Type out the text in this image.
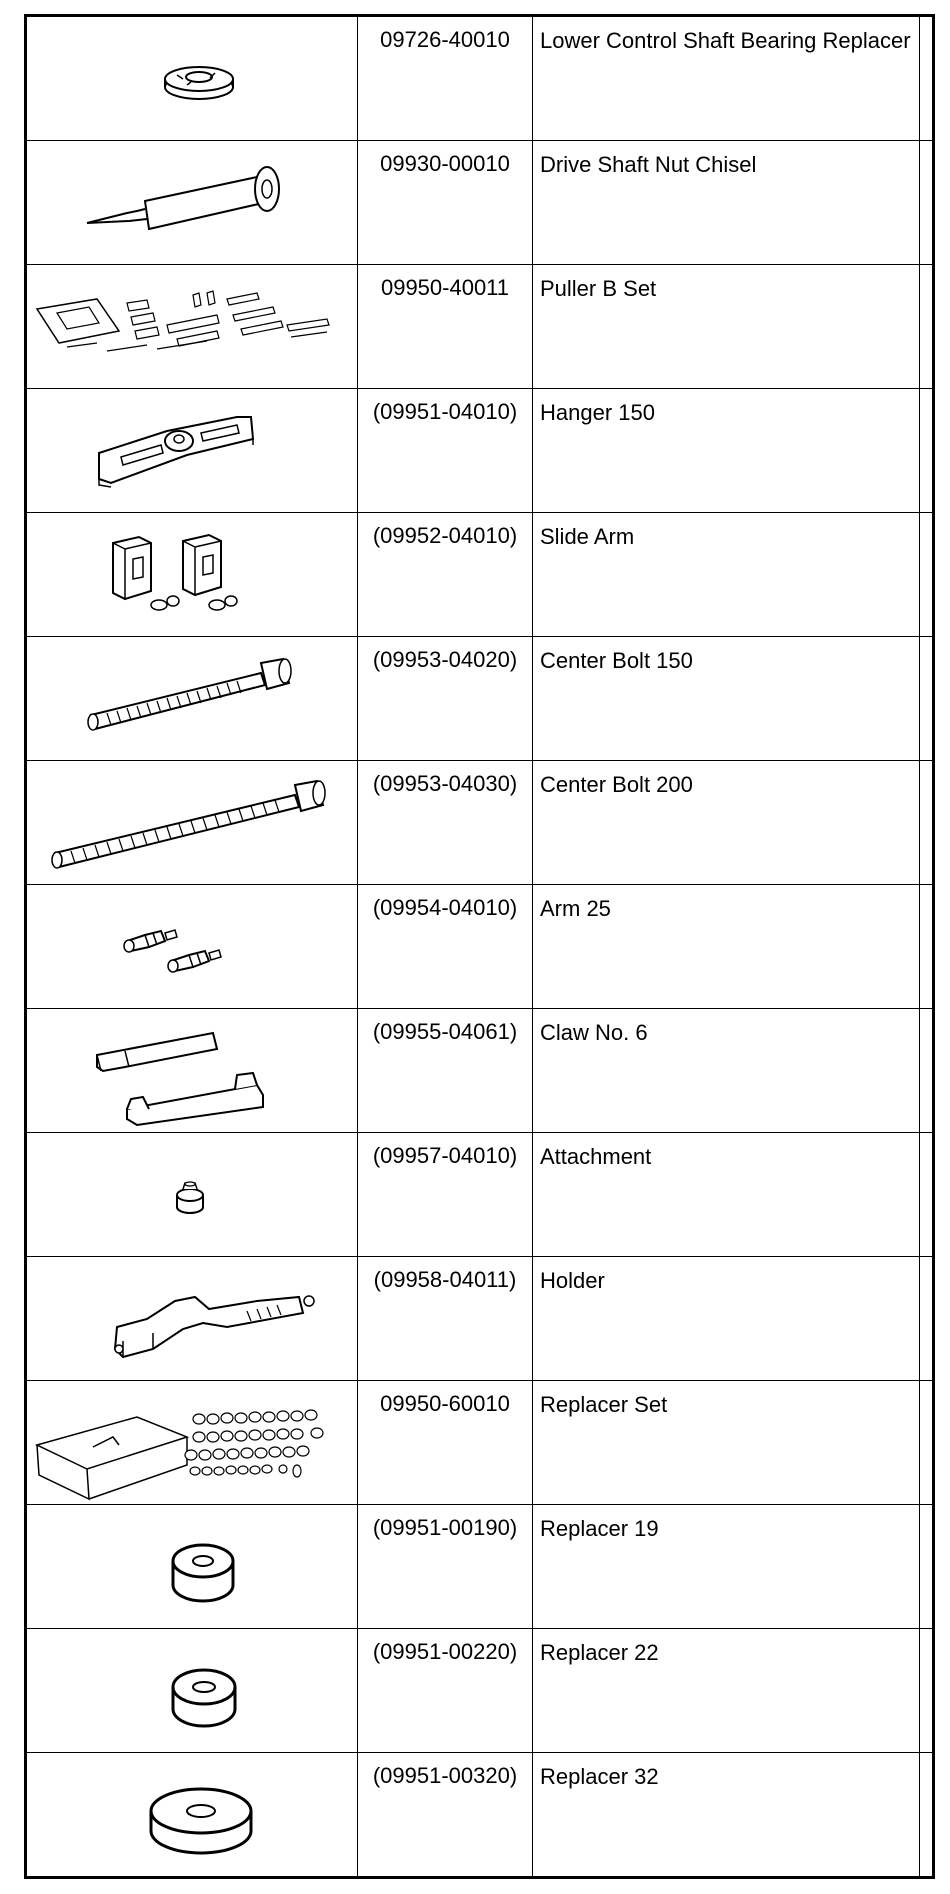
09726-40010	Lower Control Shaft Bearing Replacer
09930-00010	Drive Shaft Nut Chisel
09950-40011	Puller B Set
(09951-04010)	Hanger 150
(09952-04010)	Slide Arm
(09953-04020)	Center Bolt 150
(09953-04030)	Center Bolt 200
(09954-04010)	Arm 25
(09955-04061)	Claw No. 6
(09957-04010)	Attachment
(09958-04011)	Holder
09950-60010	Replacer Set
(09951-00190)	Replacer 19
(09951-00220)	Replacer 22
(09951-00320)	Replacer 32
